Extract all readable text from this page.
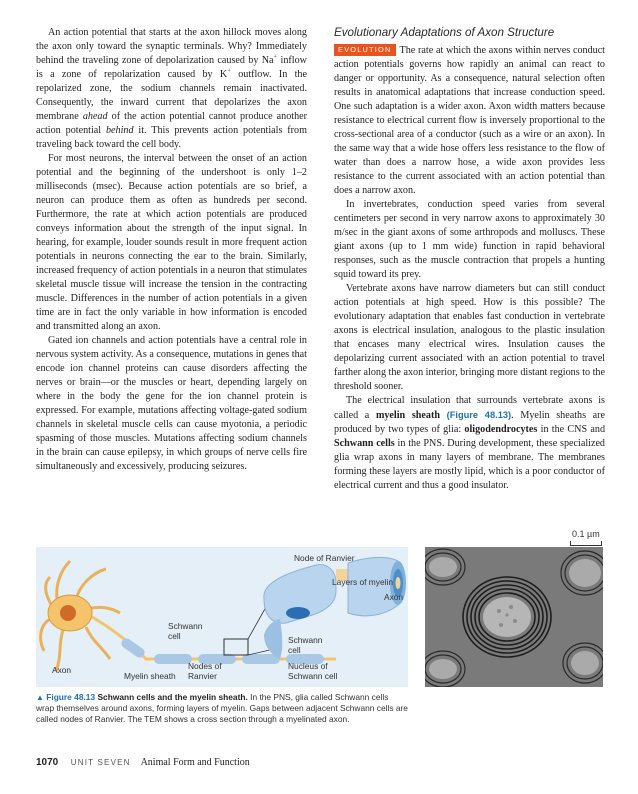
An action potential that starts at the axon hillock moves along the axon only toward the synaptic terminals. Why? Immediately behind the traveling zone of depolarization caused by Na+ inflow is a zone of repolarization caused by K+ outflow. In the repolarized zone, the sodium channels remain inactivated. Consequently, the inward current that depolarizes the axon membrane ahead of the action potential cannot produce another action potential behind it. This prevents action potentials from traveling back toward the cell body.

For most neurons, the interval between the onset of an action potential and the beginning of the undershoot is only 1–2 milliseconds (msec). Because action potentials are so brief, a neuron can produce them as often as hundreds per second. Furthermore, the rate at which action potentials are produced conveys information about the strength of the input signal. In hearing, for example, louder sounds result in more frequent action potentials in neurons connecting the ear to the brain. Similarly, increased frequency of action potentials in a neuron that stimulates skeletal muscle tissue will increase the tension in the contracting muscle. Differences in the number of action potentials in a given time are in fact the only variable in how information is encoded and transmitted along an axon.

Gated ion channels and action potentials have a central role in nervous system activity. As a consequence, mutations in genes that encode ion channel proteins can cause disorders affecting the nerves or brain—or the muscles or heart, depending largely on where in the body the gene for the ion channel protein is expressed. For example, mutations affecting voltage-gated sodium channels in skeletal muscle cells can cause myotonia, a periodic spasming of those muscles. Mutations affecting sodium channels in the brain can cause epilepsy, in which groups of nerve cells fire simultaneously and excessively, producing seizures.

Evolutionary Adaptations of Axon Structure

EVOLUTION The rate at which the axons within nerves conduct action potentials governs how rapidly an animal can react to danger or opportunity. As a consequence, natural selection often results in anatomical adaptations that increase conduction speed. One such adaptation is a wider axon. Axon width matters because resistance to electrical current flow is inversely proportional to the cross-sectional area of a conductor (such as a wire or an axon). In the same way that a wide hose offers less resistance to the flow of water than does a narrow hose, a wide axon provides less resistance to the current associated with an action potential than does a narrow axon.

In invertebrates, conduction speed varies from several centimeters per second in very narrow axons to approximately 30 m/sec in the giant axons of some arthropods and molluscs. These giant axons (up to 1 mm wide) function in rapid behavioral responses, such as the muscle contraction that propels a hunting squid toward its prey.

Vertebrate axons have narrow diameters but can still conduct action potentials at high speed. How is this possible? The evolutionary adaptation that enables fast conduction in vertebrate axons is electrical insulation, analogous to the plastic insulation that encases many electrical wires. Insulation causes the depolarizing current associated with an action potential to travel farther along the axon interior, bringing more distant regions to the threshold sooner.

The electrical insulation that surrounds vertebrate axons is called a myelin sheath (Figure 48.13). Myelin sheaths are produced by two types of glia: oligodendrocytes in the CNS and Schwann cells in the PNS. During development, these specialized glia wrap axons in many layers of membrane. The membranes forming these layers are mostly lipid, which is a poor conductor of electrical current and thus a good insulator.

0.1 µm
Node of Ranvier
Layers of myelin
Axon
Schwann
cell	Schwann
cell
Nodes of
Ranvier
Nucleus of
Schwann cell
Myelin sheath
Axon
▲ Figure 48.13 Schwann cells and the myelin sheath. In the PNS, glia called Schwann cells wrap themselves around axons, forming layers of myelin. Gaps between adjacent Schwann cells are called nodes of Ranvier. The TEM shows a cross section through a myelinated axon.
1070 UNIT SEVEN Animal Form and Function
